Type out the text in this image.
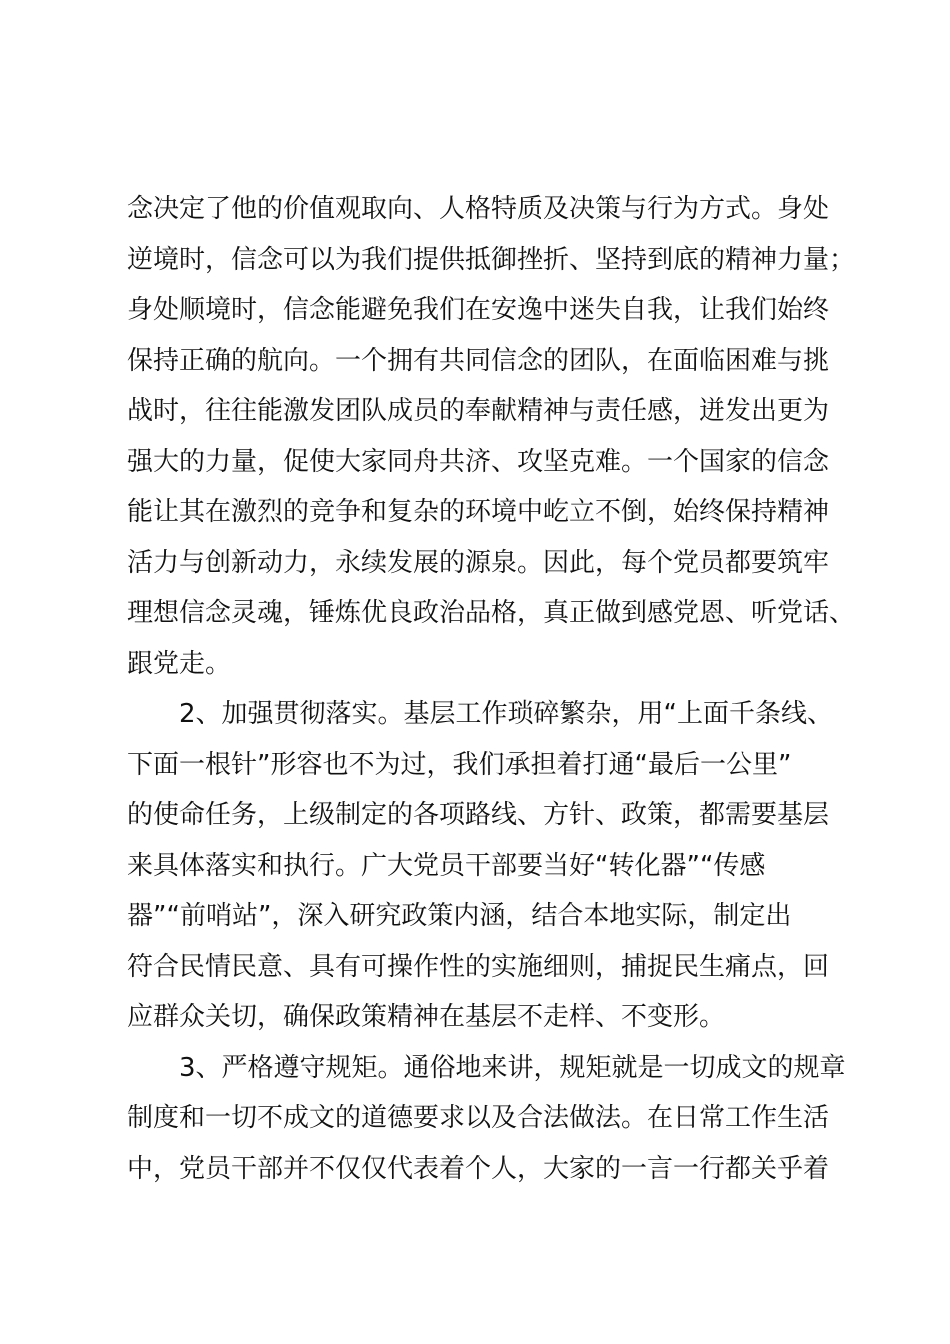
念决定了他的价值观取向、人格特质及决策与行为方式。身处
逆境时，信念可以为我们提供抵御挫折、坚持到底的精神力量；
身处顺境时，信念能避免我们在安逸中迷失自我，让我们始终
保持正确的航向。一个拥有共同信念的团队，在面临困难与挑
战时，往往能激发团队成员的奉献精神与责任感，迸发出更为
强大的力量，促使大家同舟共济、攻坚克难。一个国家的信念
能让其在激烈的竞争和复杂的环境中屹立不倒，始终保持精神
活力与创新动力，永续发展的源泉。因此，每个党员都要筑牢
理想信念灵魂，锤炼优良政治品格，真正做到感党恩、听党话、
跟党走。
　　2、加强贯彻落实。基层工作琐碎繁杂，用“上面千条线、
下面一根针”形容也不为过，我们承担着打通“最后一公里”
的使命任务，上级制定的各项路线、方针、政策，都需要基层
来具体落实和执行。广大党员干部要当好“转化器”“传感
器”“前哨站”，深入研究政策内涵，结合本地实际，制定出
符合民情民意、具有可操作性的实施细则，捕捉民生痛点，回
应群众关切，确保政策精神在基层不走样、不变形。
　　3、严格遵守规矩。通俗地来讲，规矩就是一切成文的规章
制度和一切不成文的道德要求以及合法做法。在日常工作生活
中，党员干部并不仅仅代表着个人，大家的一言一行都关乎着
